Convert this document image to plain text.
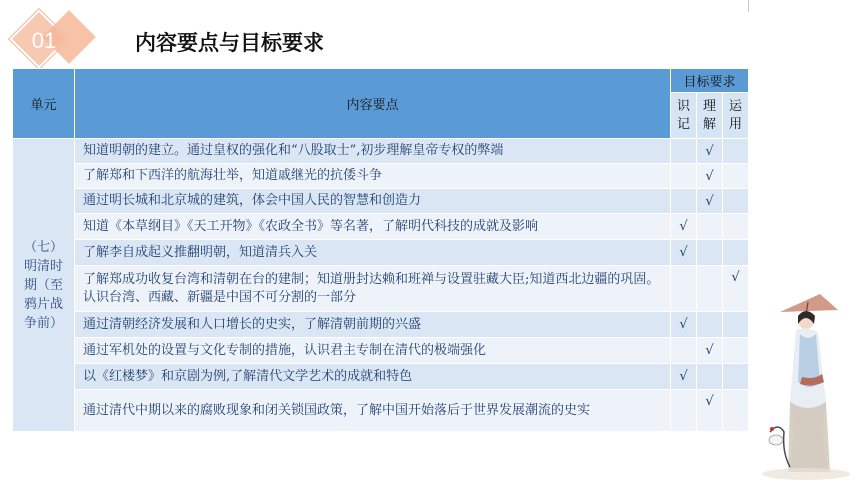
01	内容要点与目标要求
单元	内容要点	目标要求		
		识记	理解	运用

（七）明清时期（至鸦片战争前）	知道明朝的建立。通过皇权的强化和“八股取士”,初步理解皇帝专权的弊端		√	
	了解郑和下西洋的航海壮举，知道戚继光的抗倭斗争		√	
	通过明长城和北京城的建筑，体会中国人民的智慧和创造力		√	
	知道《本草纲目》《天工开物》《农政全书》等名著，了解明代科技的成就及影响	√		
	了解李自成起义推翻明朝，知道清兵入关	√		
	了解郑成功收复台湾和清朝在台的建制；知道册封达赖和班禅与设置驻藏大臣;知道西北边疆的巩固。认识台湾、西藏、新疆是中国不可分割的一部分			√
	通过清朝经济发展和人口增长的史实，了解清朝前期的兴盛	√		
	通过军机处的设置与文化专制的措施，认识君主专制在清代的极端强化		√	
	以《红楼梦》和京剧为例,了解清代文学艺术的成就和特色	√		
	通过清代中期以来的腐败现象和闭关锁国政策，了解中国开始落后于世界发展潮流的史实		√	
